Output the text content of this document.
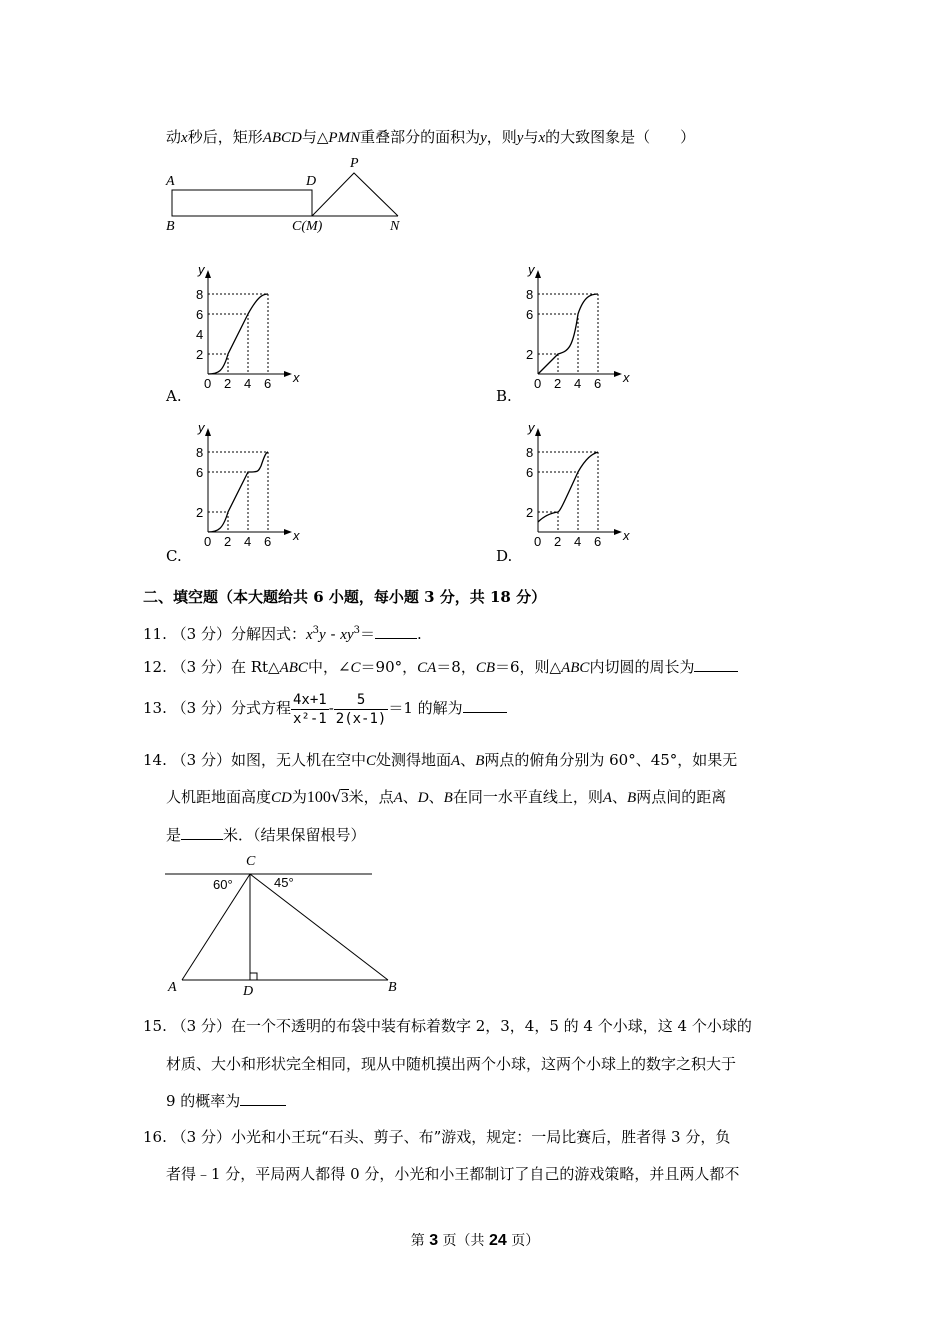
动x秒后，矩形ABCD与△PMN重叠部分的面积为y，则y与x的大致图象是（　　）
A	D
P
B	C(M)	N
8
6
4
2
0 2 4 6 x
y
8
6
2
0 2 4 6 x
y
8
6
2
0 2 4 6 x
y
8
6
2
0 2 4 6 x
y
A.	B.
C.	D.
二、填空题（本大题给共 6 小题，每小题 3 分，共 18 分）
11. （3 分）分解因式：$x^3y - xy^3=$	.
12. （3 分）在 Rt△ABC中，∠C＝90°，CA＝8，CB＝6，则△ABC内切圆的周长为
13. （3 分）分式方程 $\frac{4x+1}{\text{x²-1}} - \frac{5}{2(x-1)} =1$ 的解为
14. （3 分）如图，无人机在空中C处测得地面A、B两点的俯角分别为 60°、45°，如果无
人机距地面高度CD为100√3米，点A、D、B在同一水平直线上，则A、B两点间的距离
是	米．（结果保留根号）
C
A	D	B
60°	45°
15. （3 分）在一个不透明的布袋中装有标着数字 2，3，4，5 的 4 个小球，这 4 个小球的
材质、大小和形状完全相同，现从中随机摸出两个小球，这两个小球上的数字之积大于
9 的概率为
16. （3 分）小光和小王玩“石头、剪子、布”游戏，规定：一局比赛后，胜者得 3 分，负
者得﹣1 分，平局两人都得 0 分，小光和小王都制订了自己的游戏策略，并且两人都不
第 3 页（共 24 页）
